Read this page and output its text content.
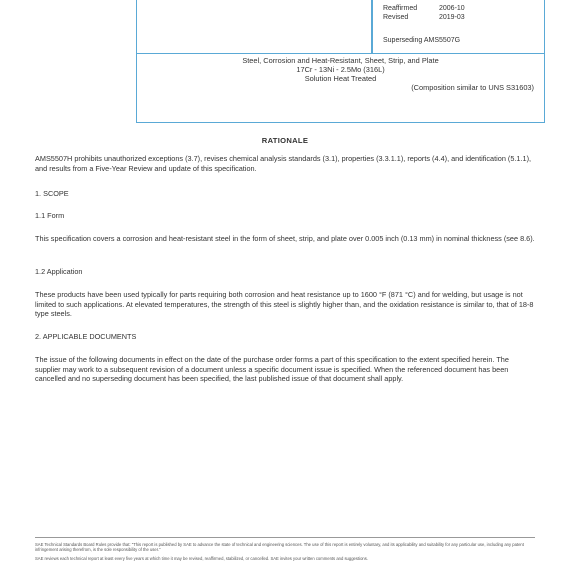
Reaffirmed	2006-10
Revised	2019-03
Superseding AMS5507G
Steel, Corrosion and Heat-Resistant, Sheet, Strip, and Plate
17Cr - 13Ni - 2.5Mo (316L)
Solution Heat Treated
(Composition similar to UNS S31603)
RATIONALE
AMS5507H prohibits unauthorized exceptions (3.7), revises chemical analysis standards (3.1), properties (3.3.1.1), reports (4.4), and identification (5.1.1), and results from a Five-Year Review and update of this specification.
1. SCOPE
1.1 Form
This specification covers a corrosion and heat-resistant steel in the form of sheet, strip, and plate over 0.005 inch (0.13 mm) in nominal thickness (see 8.6).
1.2 Application
These products have been used typically for parts requiring both corrosion and heat resistance up to 1600 °F (871 °C) and for welding, but usage is not limited to such applications. At elevated temperatures, the strength of this steel is slightly higher than, and the oxidation resistance is similar to, that of 18-8 type steels.
2. APPLICABLE DOCUMENTS
The issue of the following documents in effect on the date of the purchase order forms a part of this specification to the extent specified herein. The supplier may work to a subsequent revision of a document unless a specific document issue is specified. When the referenced document has been cancelled and no superseding document has been specified, the last published issue of that document shall apply.
SAE Technical Standards Board Rules provide that: "This report is published by SAE to advance the state of technical and engineering sciences. The use of this report is entirely voluntary, and its applicability and suitability for any particular use, including any patent infringement arising therefrom, is the sole responsibility of the user."
SAE reviews each technical report at least every five years at which time it may be revised, reaffirmed, stabilized, or cancelled. SAE invites your written comments and suggestions.
